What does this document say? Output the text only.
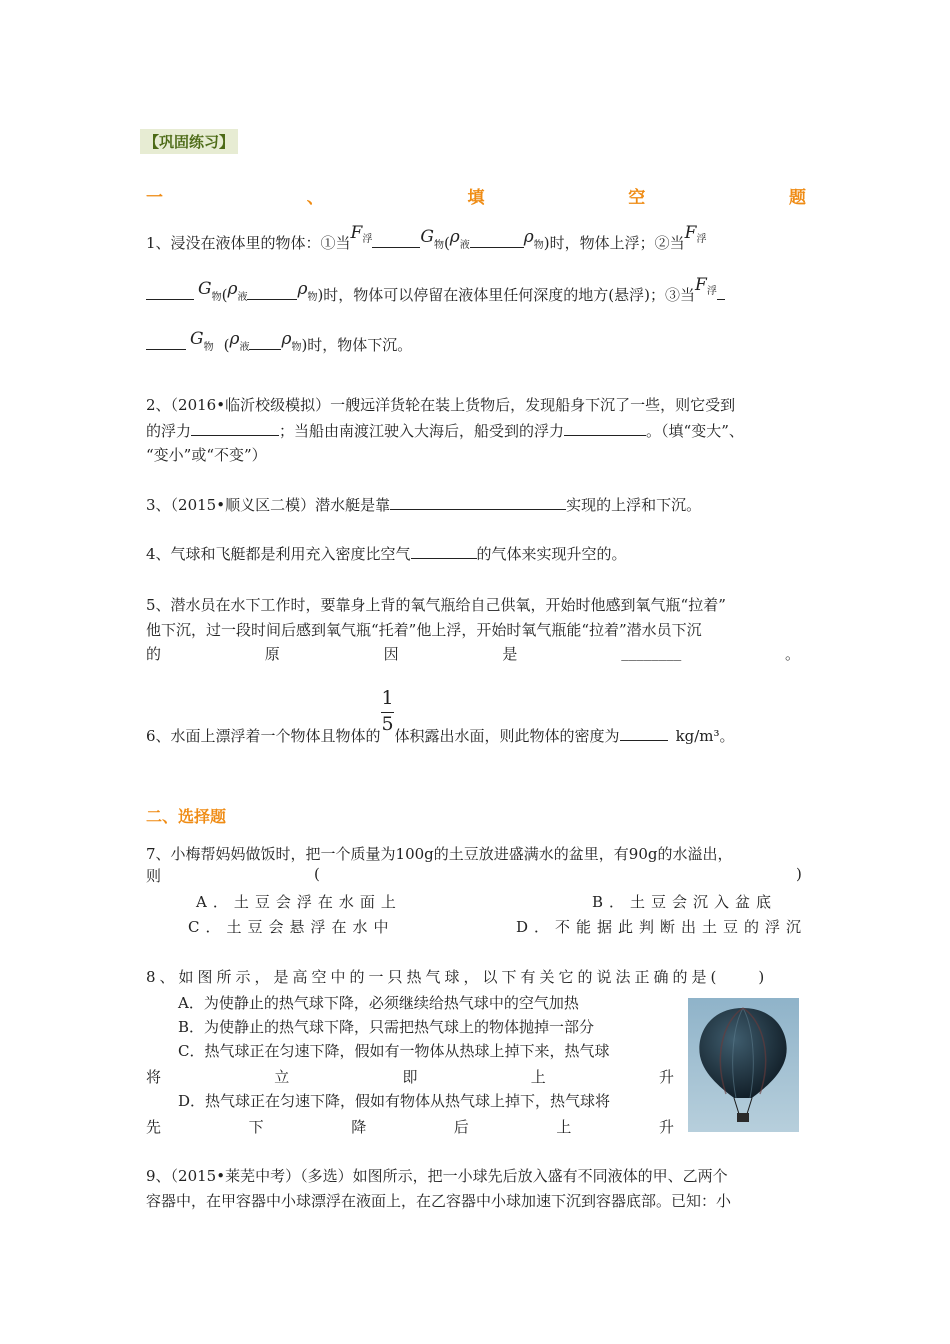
【巩固练习】
一	、	填	空	题
1、浸没在液体里的物体：①当$F^浮$	G物(ρ液	ρ物)时，物体上浮；②当$F^浮$
G物(ρ液	ρ物)时，物体可以停留在液体里任何深度的地方(悬浮)；③当$F^浮$
G物 (ρ液 ρ物)时，物体下沉。
2、（2016•临沂校级模拟）一艘远洋货轮在装上货物后，发现船身下沉了一些，则它受到
的浮力	；当船由南渡江驶入大海后，船受到的浮力	。（填“变大”、
“变小”或“不变”）
3、（2015•顺义区二模）潜水艇是靠	实现的上浮和下沉。
4、气球和飞艇都是利用充入密度比空气	的气体来实现升空的。
5、潜水员在水下工作时，要靠身上背的氧气瓶给自己供氧，开始时他感到氧气瓶“拉着”
他下沉，过一段时间后感到氧气瓶“托着”他上浮，开始时氧气瓶能“拉着”潜水员下沉
的	原	因	是	________	。
6、水面上漂浮着一个物体且物体的 $\frac{1}{5}$ 体积露出水面，则此物体的密度为	kg/m³。
二、选择题
7、小梅帮妈妈做饭时，把一个质量为100g的土豆放进盛满水的盆里，有90g的水溢出，
则	(	)
A．土豆会浮在水面上	B．土豆会沉入盆底
C．土豆会悬浮在水中	D．不能据此判断出土豆的浮沉
8、如图所示，是高空中的一只热气球，以下有关它的说法正确的是(　　)
A．为使静止的热气球下降，必须继续给热气球中的空气加热
B．为使静止的热气球下降，只需把热气球上的物体抛掉一部分
C．热气球正在匀速下降，假如有一物体从热球上掉下来，热气球
将	立	即	上	升
D．热气球正在匀速下降，假如有物体从热气球上掉下，热气球将
先	下	降	后	上	升
9、（2015•莱芜中考）（多选）如图所示，把一小球先后放入盛有不同液体的甲、乙两个
容器中，在甲容器中小球漂浮在液面上，在乙容器中小球加速下沉到容器底部。已知：小
